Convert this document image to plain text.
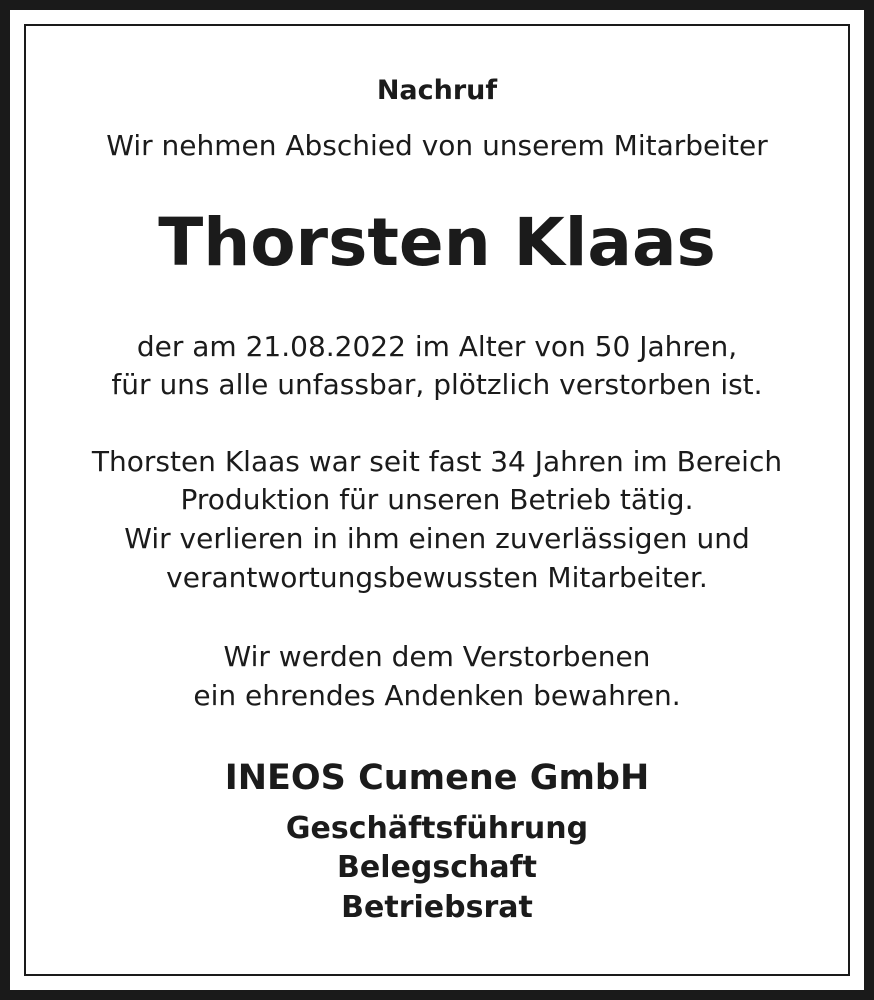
Nachruf
Wir nehmen Abschied von unserem Mitarbeiter
Thorsten Klaas
der am 21.08.2022 im Alter von 50 Jahren,
für uns alle unfassbar, plötzlich verstorben ist.
Thorsten Klaas war seit fast 34 Jahren im Bereich
Produktion für unseren Betrieb tätig.
Wir verlieren in ihm einen zuverlässigen und
verantwortungsbewussten Mitarbeiter.
Wir werden dem Verstorbenen
ein ehrendes Andenken bewahren.
INEOS Cumene GmbH
Geschäftsführung
Belegschaft
Betriebsrat
